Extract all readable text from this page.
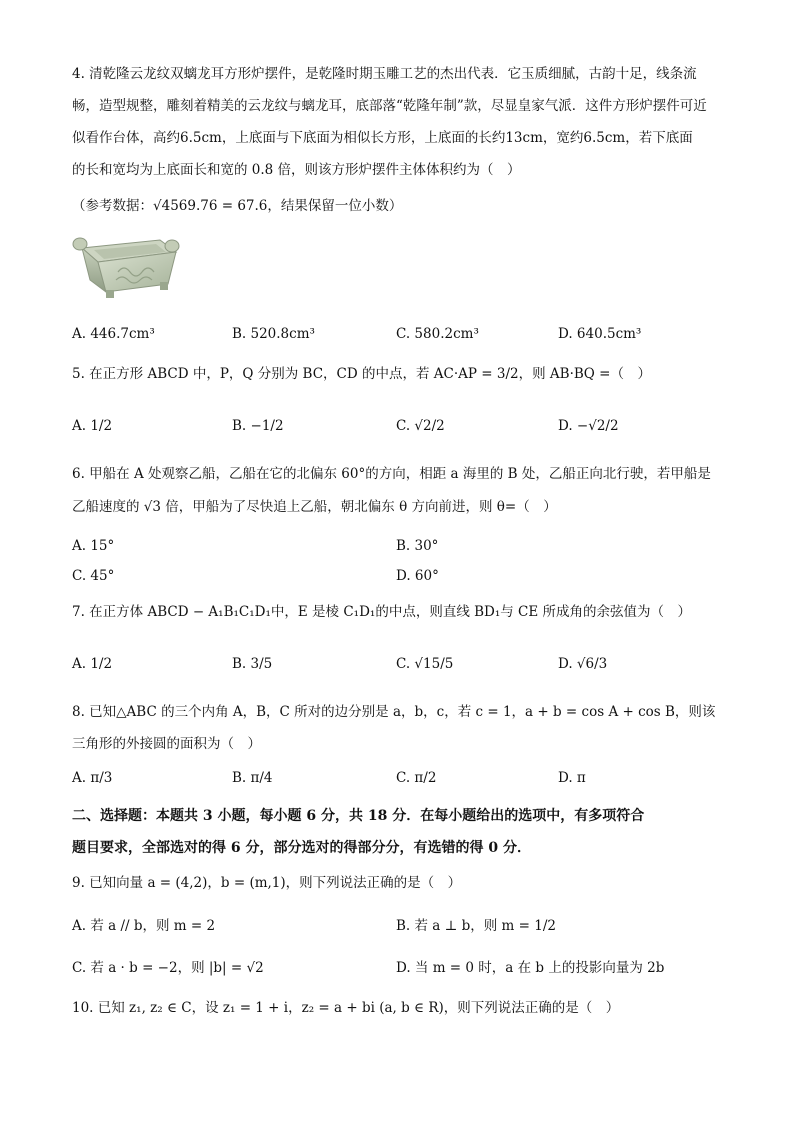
4. 清乾隆云龙纹双螭龙耳方形炉摆件，是乾隆时期玉雕工艺的杰出代表．它玉质细腻，古韵十足，线条流
畅，造型规整，雕刻着精美的云龙纹与螭龙耳，底部落“乾隆年制”款，尽显皇家气派．这件方形炉摆件可近
似看作台体，高约6.5cm，上底面与下底面为相似长方形，上底面的长约13cm，宽约6.5cm，若下底面
的长和宽均为上底面长和宽的 0.8 倍，则该方形炉摆件主体体积约为（　）
（参考数据：√4569.76 = 67.6，结果保留一位小数）
A. 446.7cm³	B. 520.8cm³	C. 580.2cm³	D. 640.5cm³
5. 在正方形 ABCD 中，P，Q 分别为 BC，CD 的中点，若 AC·AP = 3/2，则 AB·BQ =（　）
A. 1/2	B. −1/2	C. √2/2	D. −√2/2
6. 甲船在 A 处观察乙船，乙船在它的北偏东 60°的方向，相距 a 海里的 B 处，乙船正向北行驶，若甲船是
乙船速度的 √3 倍，甲船为了尽快追上乙船，朝北偏东 θ 方向前进，则 θ=（　）
A. 15°	B. 30°
C. 45°	D. 60°
7. 在正方体 ABCD − A₁B₁C₁D₁中，E 是棱 C₁D₁的中点，则直线 BD₁与 CE 所成角的余弦值为（　）
A. 1/2	B. 3/5	C. √15/5	D. √6/3
8. 已知△ABC 的三个内角 A，B，C 所对的边分别是 a，b，c，若 c = 1，a + b = cos A + cos B，则该
三角形的外接圆的面积为（　）
A. π/3	B. π/4	C. π/2	D. π
二、选择题：本题共 3 小题，每小题 6 分，共 18 分．在每小题给出的选项中，有多项符合
题目要求，全部选对的得 6 分，部分选对的得部分分，有选错的得 0 分．
9. 已知向量 a = (4,2)，b = (m,1)，则下列说法正确的是（　）
A. 若 a // b，则 m = 2	B. 若 a ⊥ b，则 m = 1/2
C. 若 a · b = −2，则 |b| = √2	D. 当 m = 0 时，a 在 b 上的投影向量为 2b
10. 已知 z₁, z₂ ∈ C，设 z₁ = 1 + i，z₂ = a + bi (a, b ∈ R)，则下列说法正确的是（　）
